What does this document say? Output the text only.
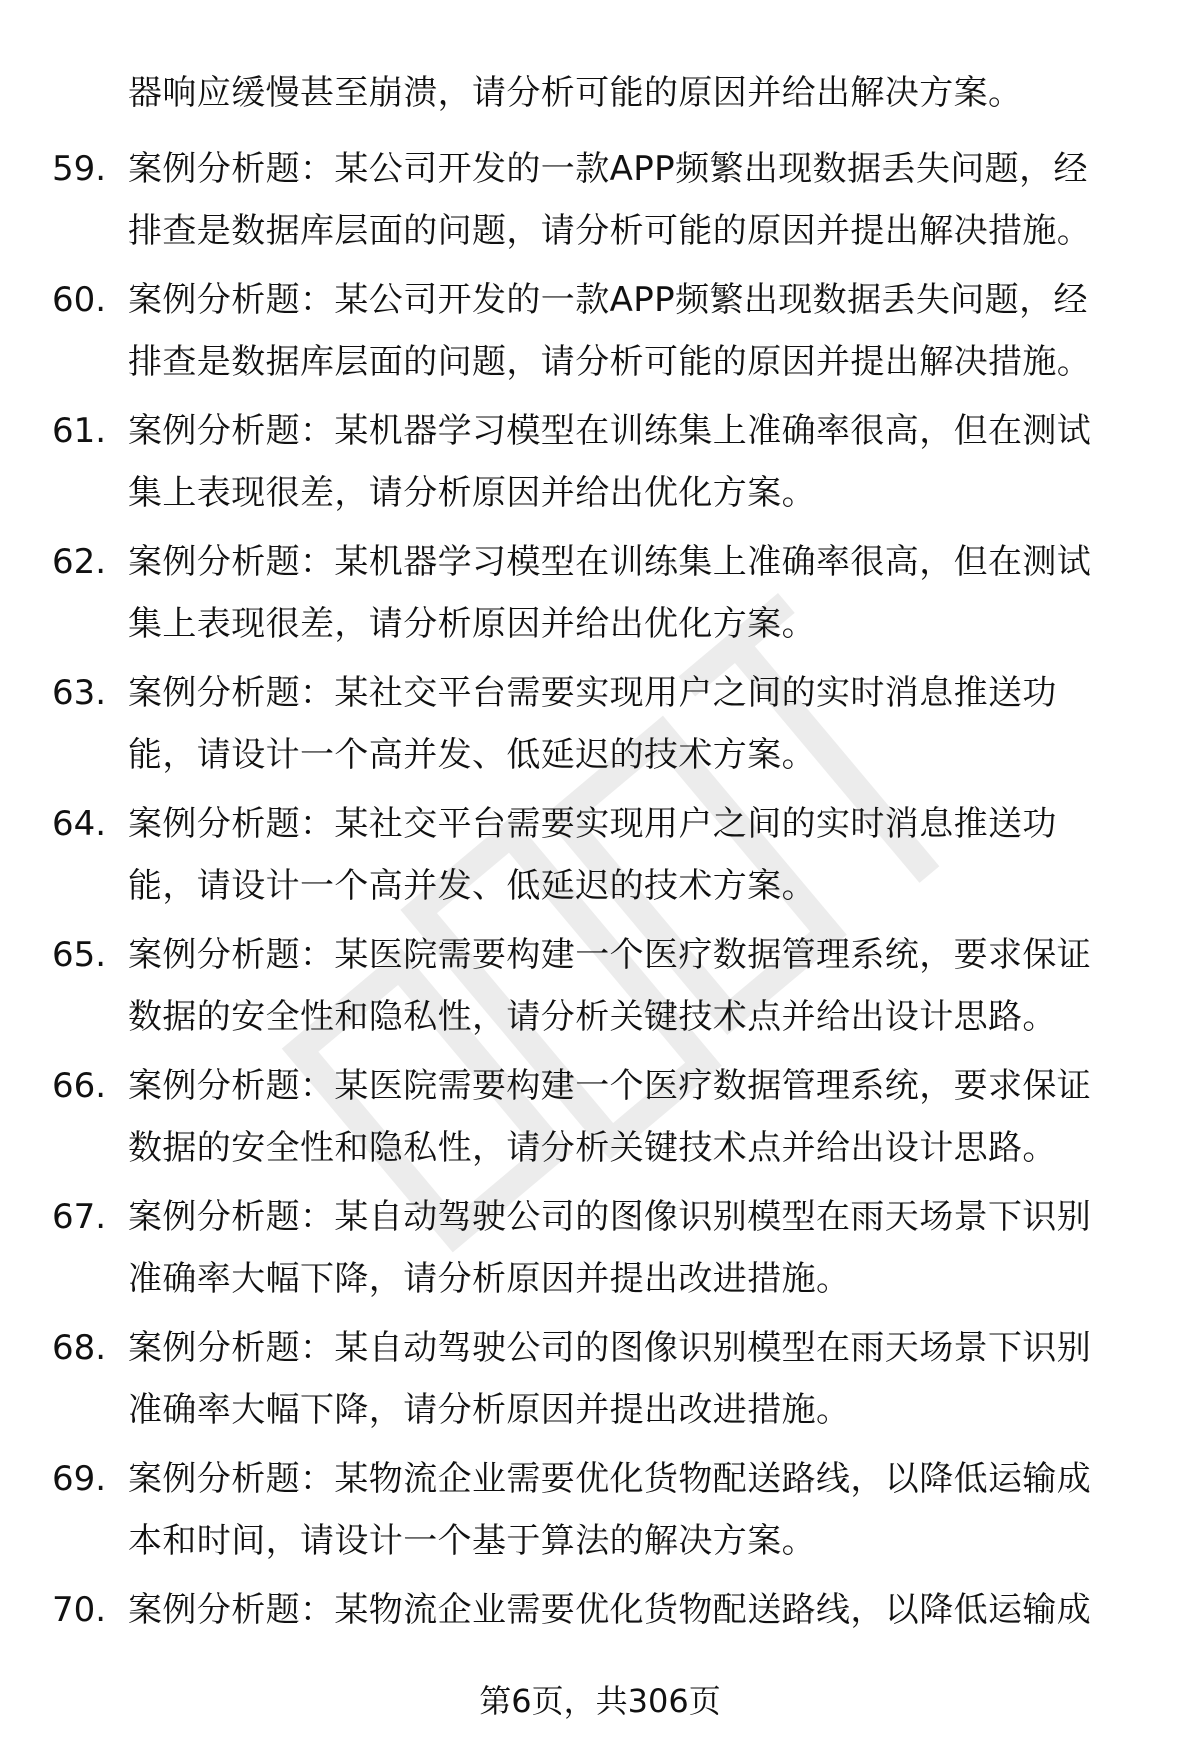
器响应缓慢甚至崩溃，请分析可能的原因并给出解决方案。
59. 案例分析题：某公司开发的一款APP频繁出现数据丢失问题，经
排查是数据库层面的问题，请分析可能的原因并提出解决措施。
60. 案例分析题：某公司开发的一款APP频繁出现数据丢失问题，经
排查是数据库层面的问题，请分析可能的原因并提出解决措施。
61. 案例分析题：某机器学习模型在训练集上准确率很高，但在测试
集上表现很差，请分析原因并给出优化方案。
62. 案例分析题：某机器学习模型在训练集上准确率很高，但在测试
集上表现很差，请分析原因并给出优化方案。
63. 案例分析题：某社交平台需要实现用户之间的实时消息推送功
能，请设计一个高并发、低延迟的技术方案。
64. 案例分析题：某社交平台需要实现用户之间的实时消息推送功
能，请设计一个高并发、低延迟的技术方案。
65. 案例分析题：某医院需要构建一个医疗数据管理系统，要求保证
数据的安全性和隐私性，请分析关键技术点并给出设计思路。
66. 案例分析题：某医院需要构建一个医疗数据管理系统，要求保证
数据的安全性和隐私性，请分析关键技术点并给出设计思路。
67. 案例分析题：某自动驾驶公司的图像识别模型在雨天场景下识别
准确率大幅下降，请分析原因并提出改进措施。
68. 案例分析题：某自动驾驶公司的图像识别模型在雨天场景下识别
准确率大幅下降，请分析原因并提出改进措施。
69. 案例分析题：某物流企业需要优化货物配送路线，以降低运输成
本和时间，请设计一个基于算法的解决方案。
70. 案例分析题：某物流企业需要优化货物配送路线，以降低运输成
第6页，共306页
